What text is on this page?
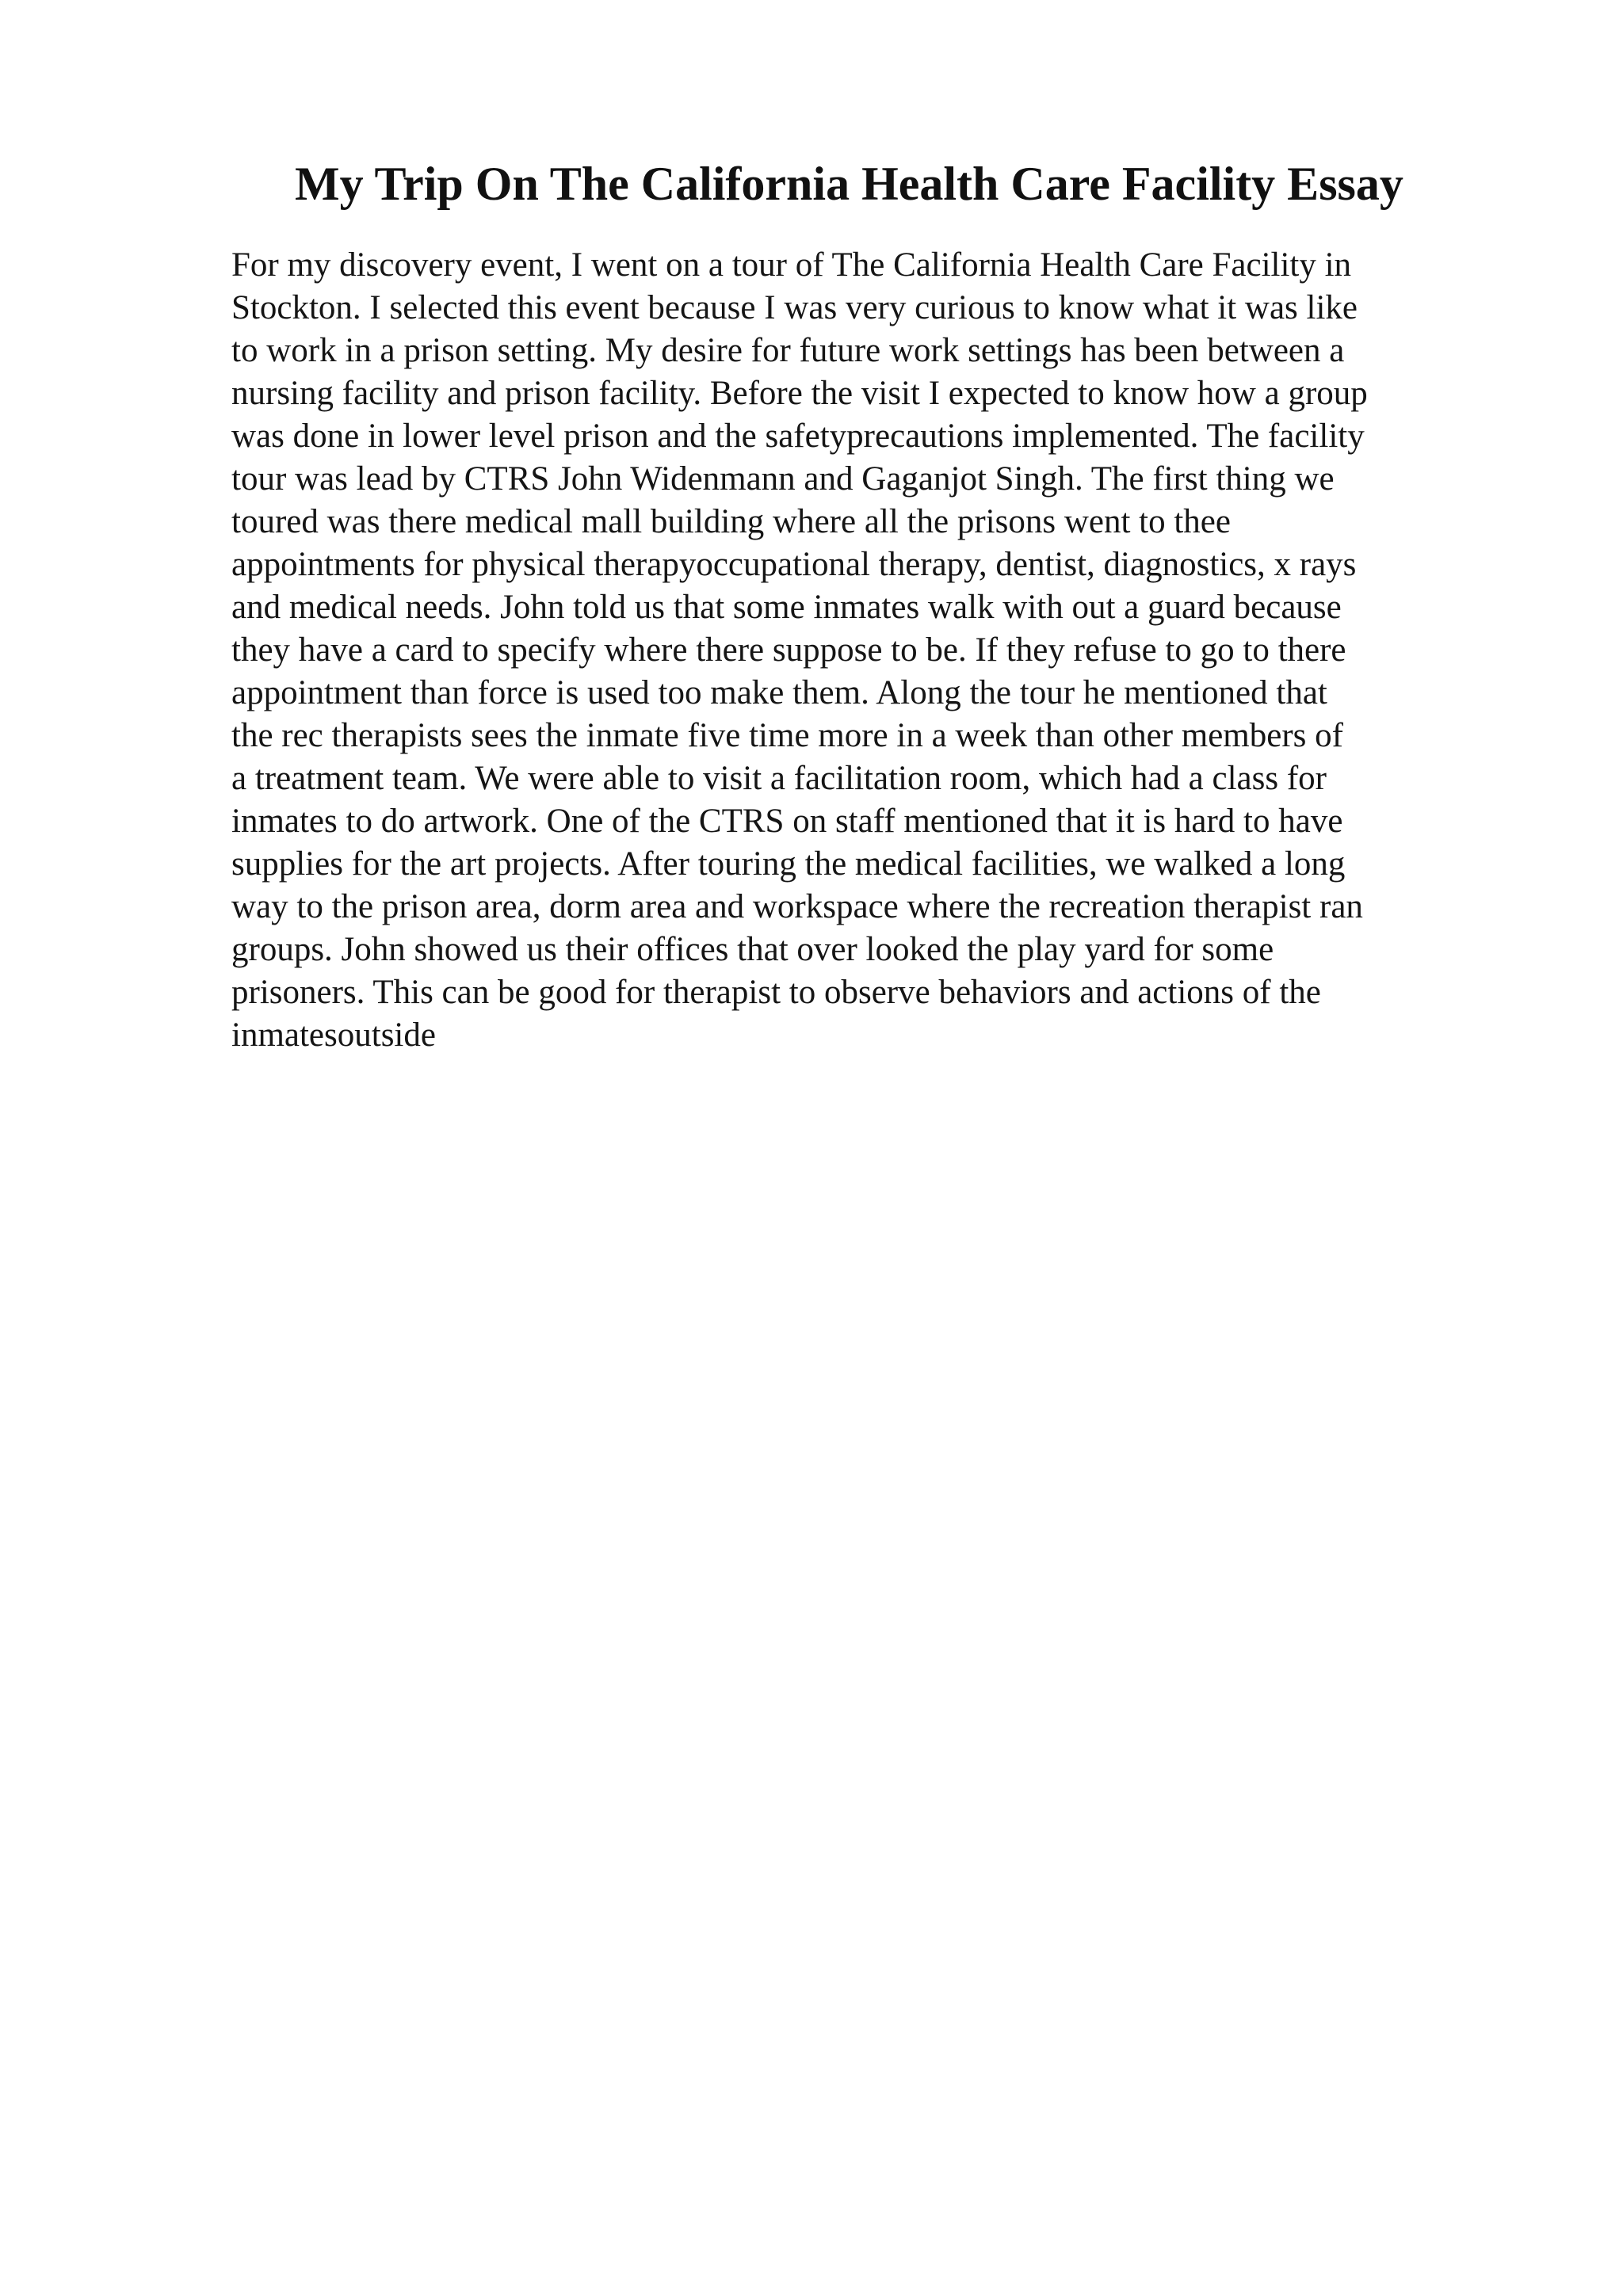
My Trip On The California Health Care Facility Essay
For my discovery event, I went on a tour of The California Health Care Facility in
Stockton. I selected this event because I was very curious to know what it was like
to work in a prison setting. My desire for future work settings has been between a
nursing facility and prison facility. Before the visit I expected to know how a group
was done in lower level prison and the safetyprecautions implemented. The facility
tour was lead by CTRS John Widenmann and Gaganjot Singh. The first thing we
toured was there medical mall building where all the prisons went to thee
appointments for physical therapyoccupational therapy, dentist, diagnostics, x rays
and medical needs. John told us that some inmates walk with out a guard because
they have a card to specify where there suppose to be. If they refuse to go to there
appointment than force is used too make them. Along the tour he mentioned that
the rec therapists sees the inmate five time more in a week than other members of
a treatment team. We were able to visit a facilitation room, which had a class for
inmates to do artwork. One of the CTRS on staff mentioned that it is hard to have
supplies for the art projects. After touring the medical facilities, we walked a long
way to the prison area, dorm area and workspace where the recreation therapist ran
groups. John showed us their offices that over looked the play yard for some
prisoners. This can be good for therapist to observe behaviors and actions of the
inmatesoutside
